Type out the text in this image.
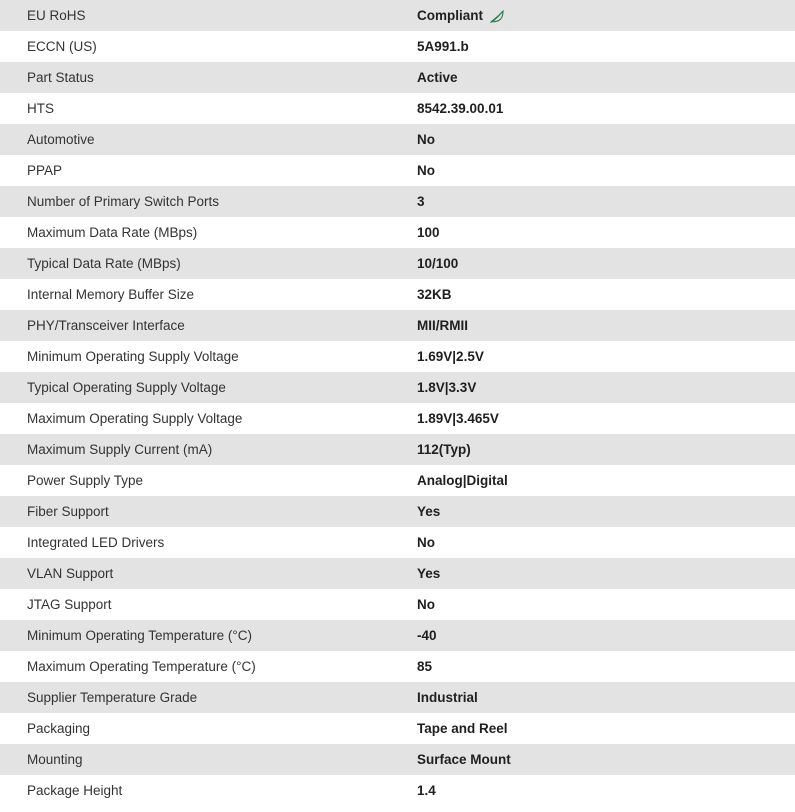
EU RoHS	Compliant

ECCN (US)	5A991.b

Part Status	Active

HTS	8542.39.00.01

Automotive	No

PPAP	No

Number of Primary Switch Ports	3

Maximum Data Rate (MBps)	100

Typical Data Rate (MBps)	10/100

Internal Memory Buffer Size	32KB

PHY/Transceiver Interface	MII/RMII

Minimum Operating Supply Voltage	1.69V|2.5V

Typical Operating Supply Voltage	1.8V|3.3V

Maximum Operating Supply Voltage	1.89V|3.465V

Maximum Supply Current (mA)	112(Typ)

Power Supply Type	Analog|Digital

Fiber Support	Yes

Integrated LED Drivers	No

VLAN Support	Yes

JTAG Support	No

Minimum Operating Temperature (°C)	-40

Maximum Operating Temperature (°C)	85

Supplier Temperature Grade	Industrial

Packaging	Tape and Reel

Mounting	Surface Mount

Package Height	1.4
